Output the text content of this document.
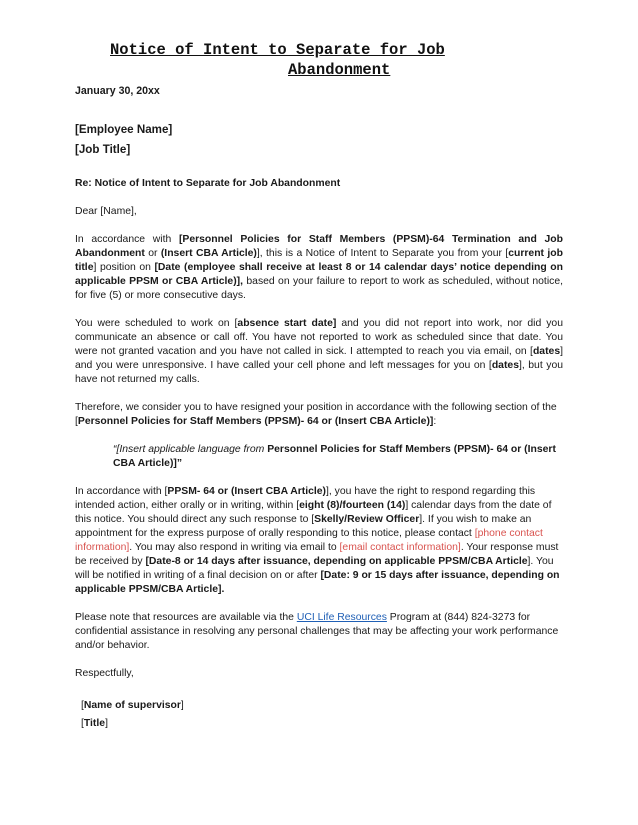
Notice of Intent to Separate for Job
Abandonment
January 30, 20xx
[Employee Name]
[Job Title]
Re: Notice of Intent to Separate for Job Abandonment
Dear [Name],
In accordance with [Personnel Policies for Staff Members (PPSM)-64 Termination and Job Abandonment or (Insert CBA Article)], this is a Notice of Intent to Separate you from your [current job title] position on [Date (employee shall receive at least 8 or 14 calendar days’ notice depending on applicable PPSM or CBA Article)], based on your failure to report to work as scheduled, without notice, for five (5) or more consecutive days.
You were scheduled to work on [absence start date] and you did not report into work, nor did you communicate an absence or call off. You have not reported to work as scheduled since that date. You were not granted vacation and you have not called in sick. I attempted to reach you via email, on [dates] and you were unresponsive. I have called your cell phone and left messages for you on [dates], but you have not returned my calls.
Therefore, we consider you to have resigned your position in accordance with the following section of the [Personnel Policies for Staff Members (PPSM)- 64 or (Insert CBA Article)]:
“[Insert applicable language from Personnel Policies for Staff Members (PPSM)- 64 or (Insert CBA Article)]”
In accordance with [PPSM- 64 or (Insert CBA Article)], you have the right to respond regarding this intended action, either orally or in writing, within [eight (8)/fourteen (14)] calendar days from the date of this notice. You should direct any such response to [Skelly/Review Officer]. If you wish to make an appointment for the express purpose of orally responding to this notice, please contact [phone contact information]. You may also respond in writing via email to [email contact information]. Your response must be received by [Date-8 or 14 days after issuance, depending on applicable PPSM/CBA Article]. You will be notified in writing of a final decision on or after [Date: 9 or 15 days after issuance, depending on applicable PPSM/CBA Article].
Please note that resources are available via the UCI Life Resources Program at (844) 824-3273 for confidential assistance in resolving any personal challenges that may be affecting your work performance and/or behavior.
Respectfully,
[Name of supervisor]
[Title]
